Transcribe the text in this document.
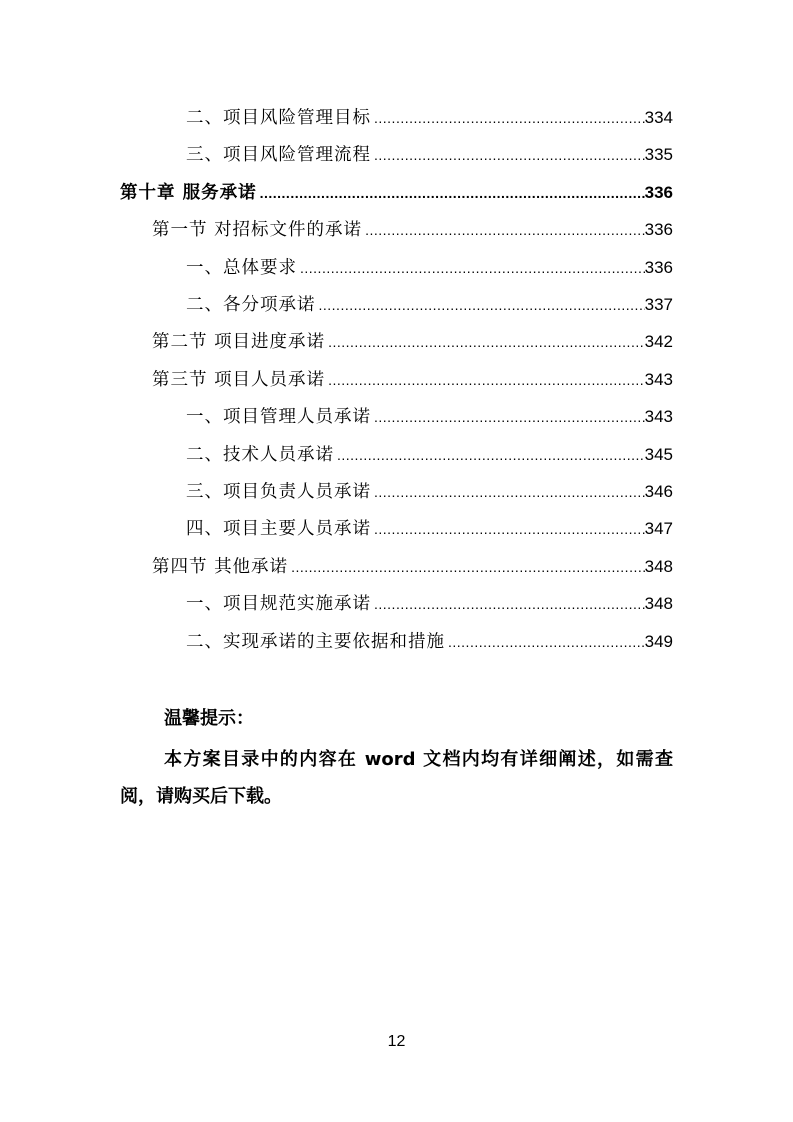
二、项目风险管理目标 .....	334
三、项目风险管理流程 .....	335
第十章 服务承诺 .....	336
第一节 对招标文件的承诺 .....	336
一、总体要求 .....	336
二、各分项承诺 .....	337
第二节 项目进度承诺 .....	342
第三节 项目人员承诺 .....	343
一、项目管理人员承诺 .....	343
二、技术人员承诺 .....	345
三、项目负责人员承诺 .....	346
四、项目主要人员承诺 .....	347
第四节 其他承诺 .....	348
一、项目规范实施承诺 .....	348
二、实现承诺的主要依据和措施 .....	349
温馨提示：
本方案目录中的内容在 word 文档内均有详细阐述，如需查阅，请购买后下载。
12
